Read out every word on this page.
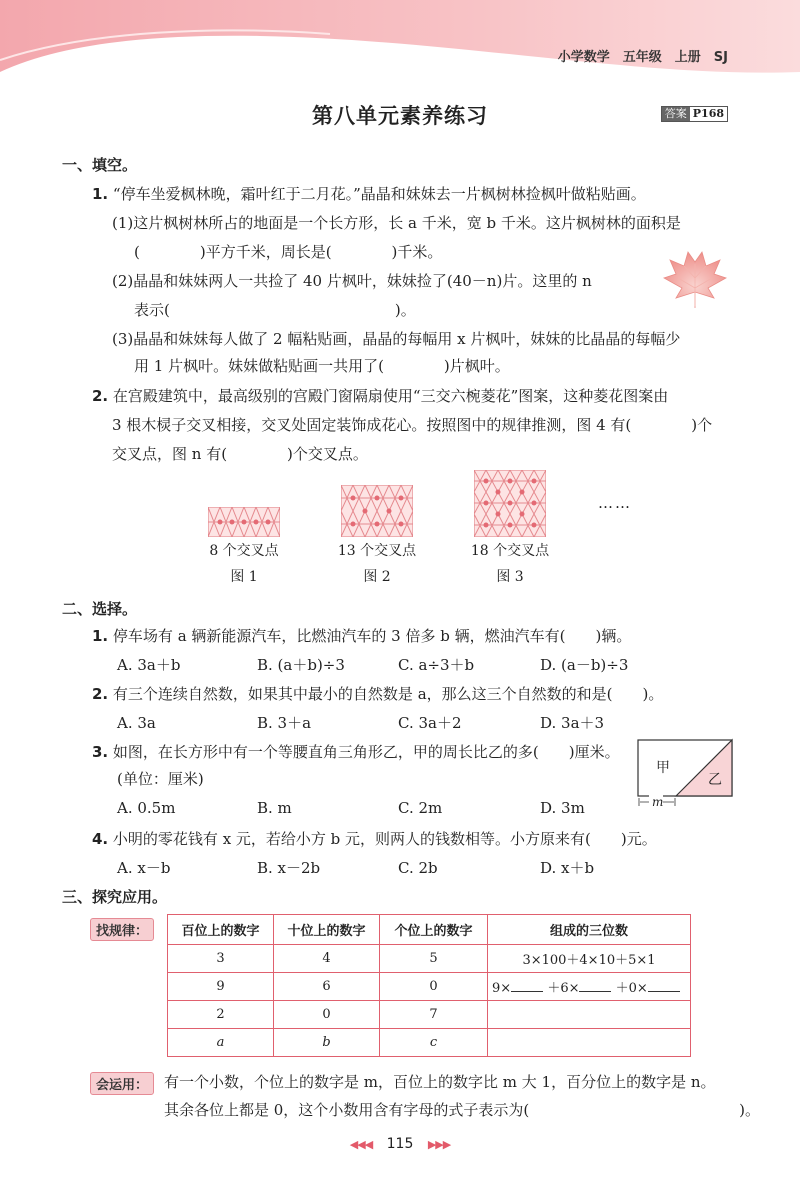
小学数学　五年级　上册　SJ
第八单元素养练习	答案 P168
一、填空。
1. “停车坐爱枫林晚，霜叶红于二月花。”晶晶和妹妹去一片枫树林捡枫叶做粘贴画。
(1)这片枫树林所占的地面是一个长方形，长 a 千米，宽 b 千米。这片枫树林的面积是
(　　　　)平方千米，周长是(　　　　)千米。
(2)晶晶和妹妹两人一共捡了 40 片枫叶，妹妹捡了(40－n)片。这里的 n
表示(　　　　　　　　　　　　　　　)。
(3)晶晶和妹妹每人做了 2 幅粘贴画，晶晶的每幅用 x 片枫叶，妹妹的比晶晶的每幅少
用 1 片枫叶。妹妹做粘贴画一共用了(　　　　)片枫叶。
2. 在宫殿建筑中，最高级别的宫殿门窗隔扇使用“三交六椀菱花”图案，这种菱花图案由
3 根木棂子交叉相接，交叉处固定装饰成花心。按照图中的规律推测，图 4 有(　　　　)个
交叉点，图 n 有(　　　　)个交叉点。
……
8 个交叉点
图 1
13 个交叉点
图 2
18 个交叉点
图 3
二、选择。
1. 停车场有 a 辆新能源汽车，比燃油汽车的 3 倍多 b 辆，燃油汽车有(　　)辆。
A. 3a＋b	B. (a＋b)÷3	C. a÷3＋b	D. (a－b)÷3
2. 有三个连续自然数，如果其中最小的自然数是 a，那么这三个自然数的和是(　　)。
A. 3a	B. 3＋a	C. 3a＋2	D. 3a＋3
3. 如图，在长方形中有一个等腰直角三角形乙，甲的周长比乙的多(　　)厘米。
(单位：厘米)
A. 0.5m	B. m	C. 2m	D. 3m
甲
乙
m
4. 小明的零花钱有 x 元，若给小方 b 元，则两人的钱数相等。小方原来有(　　)元。
A. x－b	B. x－2b	C. 2b	D. x＋b
三、探究应用。
找规律：	百位上的数字	十位上的数字	个位上的数字	组成的三位数
3	4	5	3×100＋4×10＋5×1
9	6	0	9× ＋6× ＋0×
2	0	7	
a	b	c	
会运用：	有一个小数，个位上的数字是 m，百位上的数字比 m 大 1，百分位上的数字是 n。
其余各位上都是 0，这个小数用含有字母的式子表示为(　　　　　　　　　　　　　　)。
◀◀◀ 115 ▶▶▶
